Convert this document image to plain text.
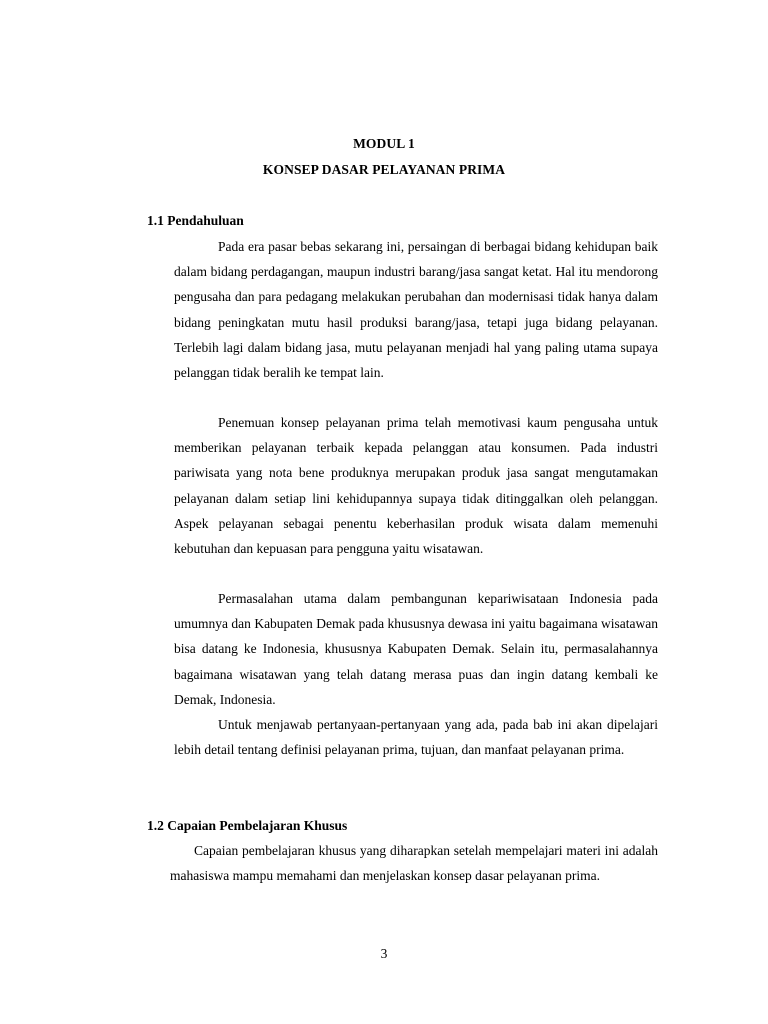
MODUL 1
KONSEP DASAR PELAYANAN PRIMA
1.1 Pendahuluan

Pada era pasar bebas sekarang ini, persaingan di berbagai bidang kehidupan baik dalam bidang perdagangan, maupun industri barang/jasa sangat ketat. Hal itu mendorong pengusaha dan para pedagang melakukan perubahan dan modernisasi tidak hanya dalam bidang peningkatan mutu hasil produksi barang/jasa, tetapi juga bidang pelayanan. Terlebih lagi dalam bidang jasa, mutu pelayanan menjadi hal yang paling utama supaya pelanggan tidak beralih ke tempat lain.

Penemuan konsep pelayanan prima telah memotivasi kaum pengusaha untuk memberikan pelayanan terbaik kepada pelanggan atau konsumen. Pada industri pariwisata yang nota bene produknya merupakan produk jasa sangat mengutamakan pelayanan dalam setiap lini kehidupannya supaya tidak ditinggalkan oleh pelanggan. Aspek pelayanan sebagai penentu keberhasilan produk wisata dalam memenuhi kebutuhan dan kepuasan para pengguna yaitu wisatawan.

Permasalahan utama dalam pembangunan kepariwisataan Indonesia pada umumnya dan Kabupaten Demak pada khususnya dewasa ini yaitu bagaimana wisatawan bisa datang ke Indonesia, khususnya Kabupaten Demak. Selain itu, permasalahannya bagaimana wisatawan yang telah datang merasa puas dan ingin datang kembali ke Demak, Indonesia.

Untuk menjawab pertanyaan-pertanyaan yang ada, pada bab ini akan dipelajari lebih detail tentang definisi pelayanan prima, tujuan, dan manfaat pelayanan prima.

1.2 Capaian Pembelajaran Khusus

Capaian pembelajaran khusus yang diharapkan setelah mempelajari materi ini adalah mahasiswa mampu memahami dan menjelaskan konsep dasar pelayanan prima.

3
